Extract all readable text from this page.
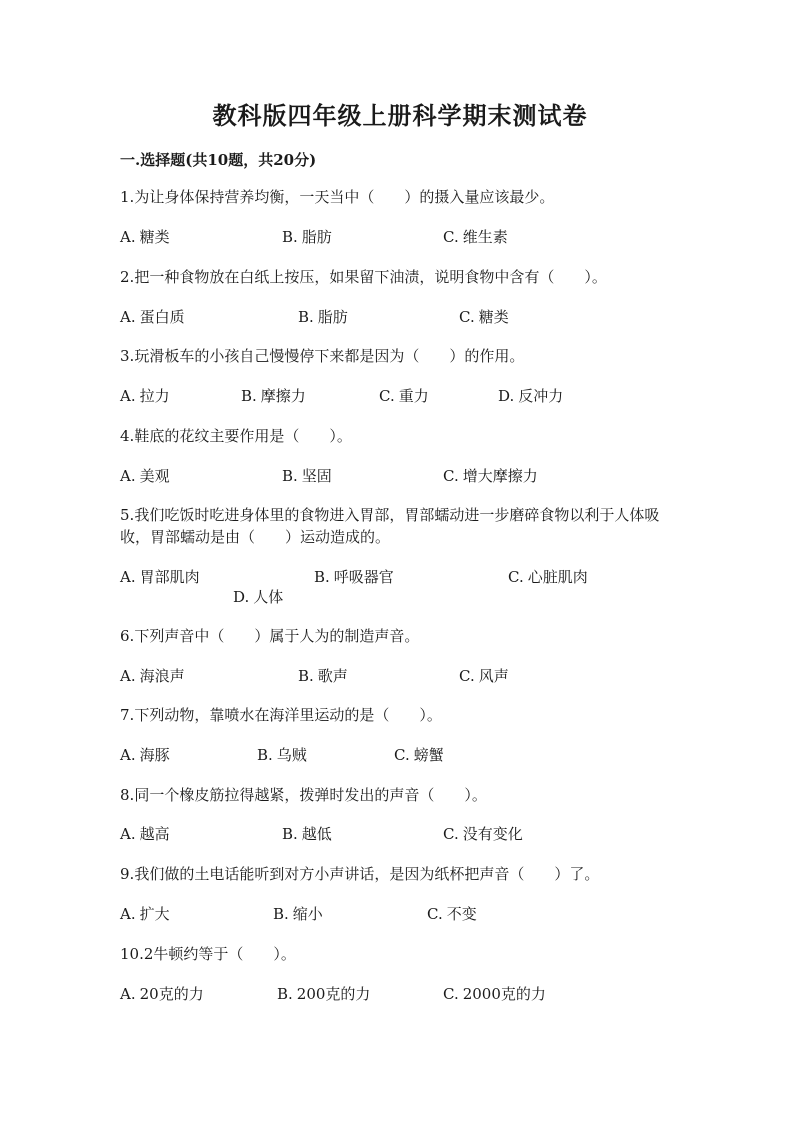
教科版四年级上册科学期末测试卷
一.选择题(共10题，共20分)

1.为让身体保持营养均衡，一天当中（　　）的摄入量应该最少。

A. 糖类	B. 脂肪	C. 维生素

2.把一种食物放在白纸上按压，如果留下油渍，说明食物中含有（　　）。

A. 蛋白质	B. 脂肪	C. 糖类

3.玩滑板车的小孩自己慢慢停下来都是因为（　　）的作用。

A. 拉力	B. 摩擦力	C. 重力	D. 反冲力

4.鞋底的花纹主要作用是（　　）。

A. 美观	B. 坚固	C. 增大摩擦力

5.我们吃饭时吃进身体里的食物进入胃部，胃部蠕动进一步磨碎食物以利于人体吸收，胃部蠕动是由（　　）运动造成的。

A. 胃部肌肉	B. 呼吸器官	C. 心脏肌肉
D. 人体

6.下列声音中（　　）属于人为的制造声音。

A. 海浪声	B. 歌声	C. 风声

7.下列动物，靠喷水在海洋里运动的是（　　）。

A. 海豚	B. 乌贼	C. 螃蟹

8.同一个橡皮筋拉得越紧，拨弹时发出的声音（　　）。

A. 越高	B. 越低	C. 没有变化

9.我们做的土电话能听到对方小声讲话，是因为纸杯把声音（　　）了。

A. 扩大	B. 缩小	C. 不变

10.2牛顿约等于（　　）。

A. 20克的力	B. 200克的力	C. 2000克的力
